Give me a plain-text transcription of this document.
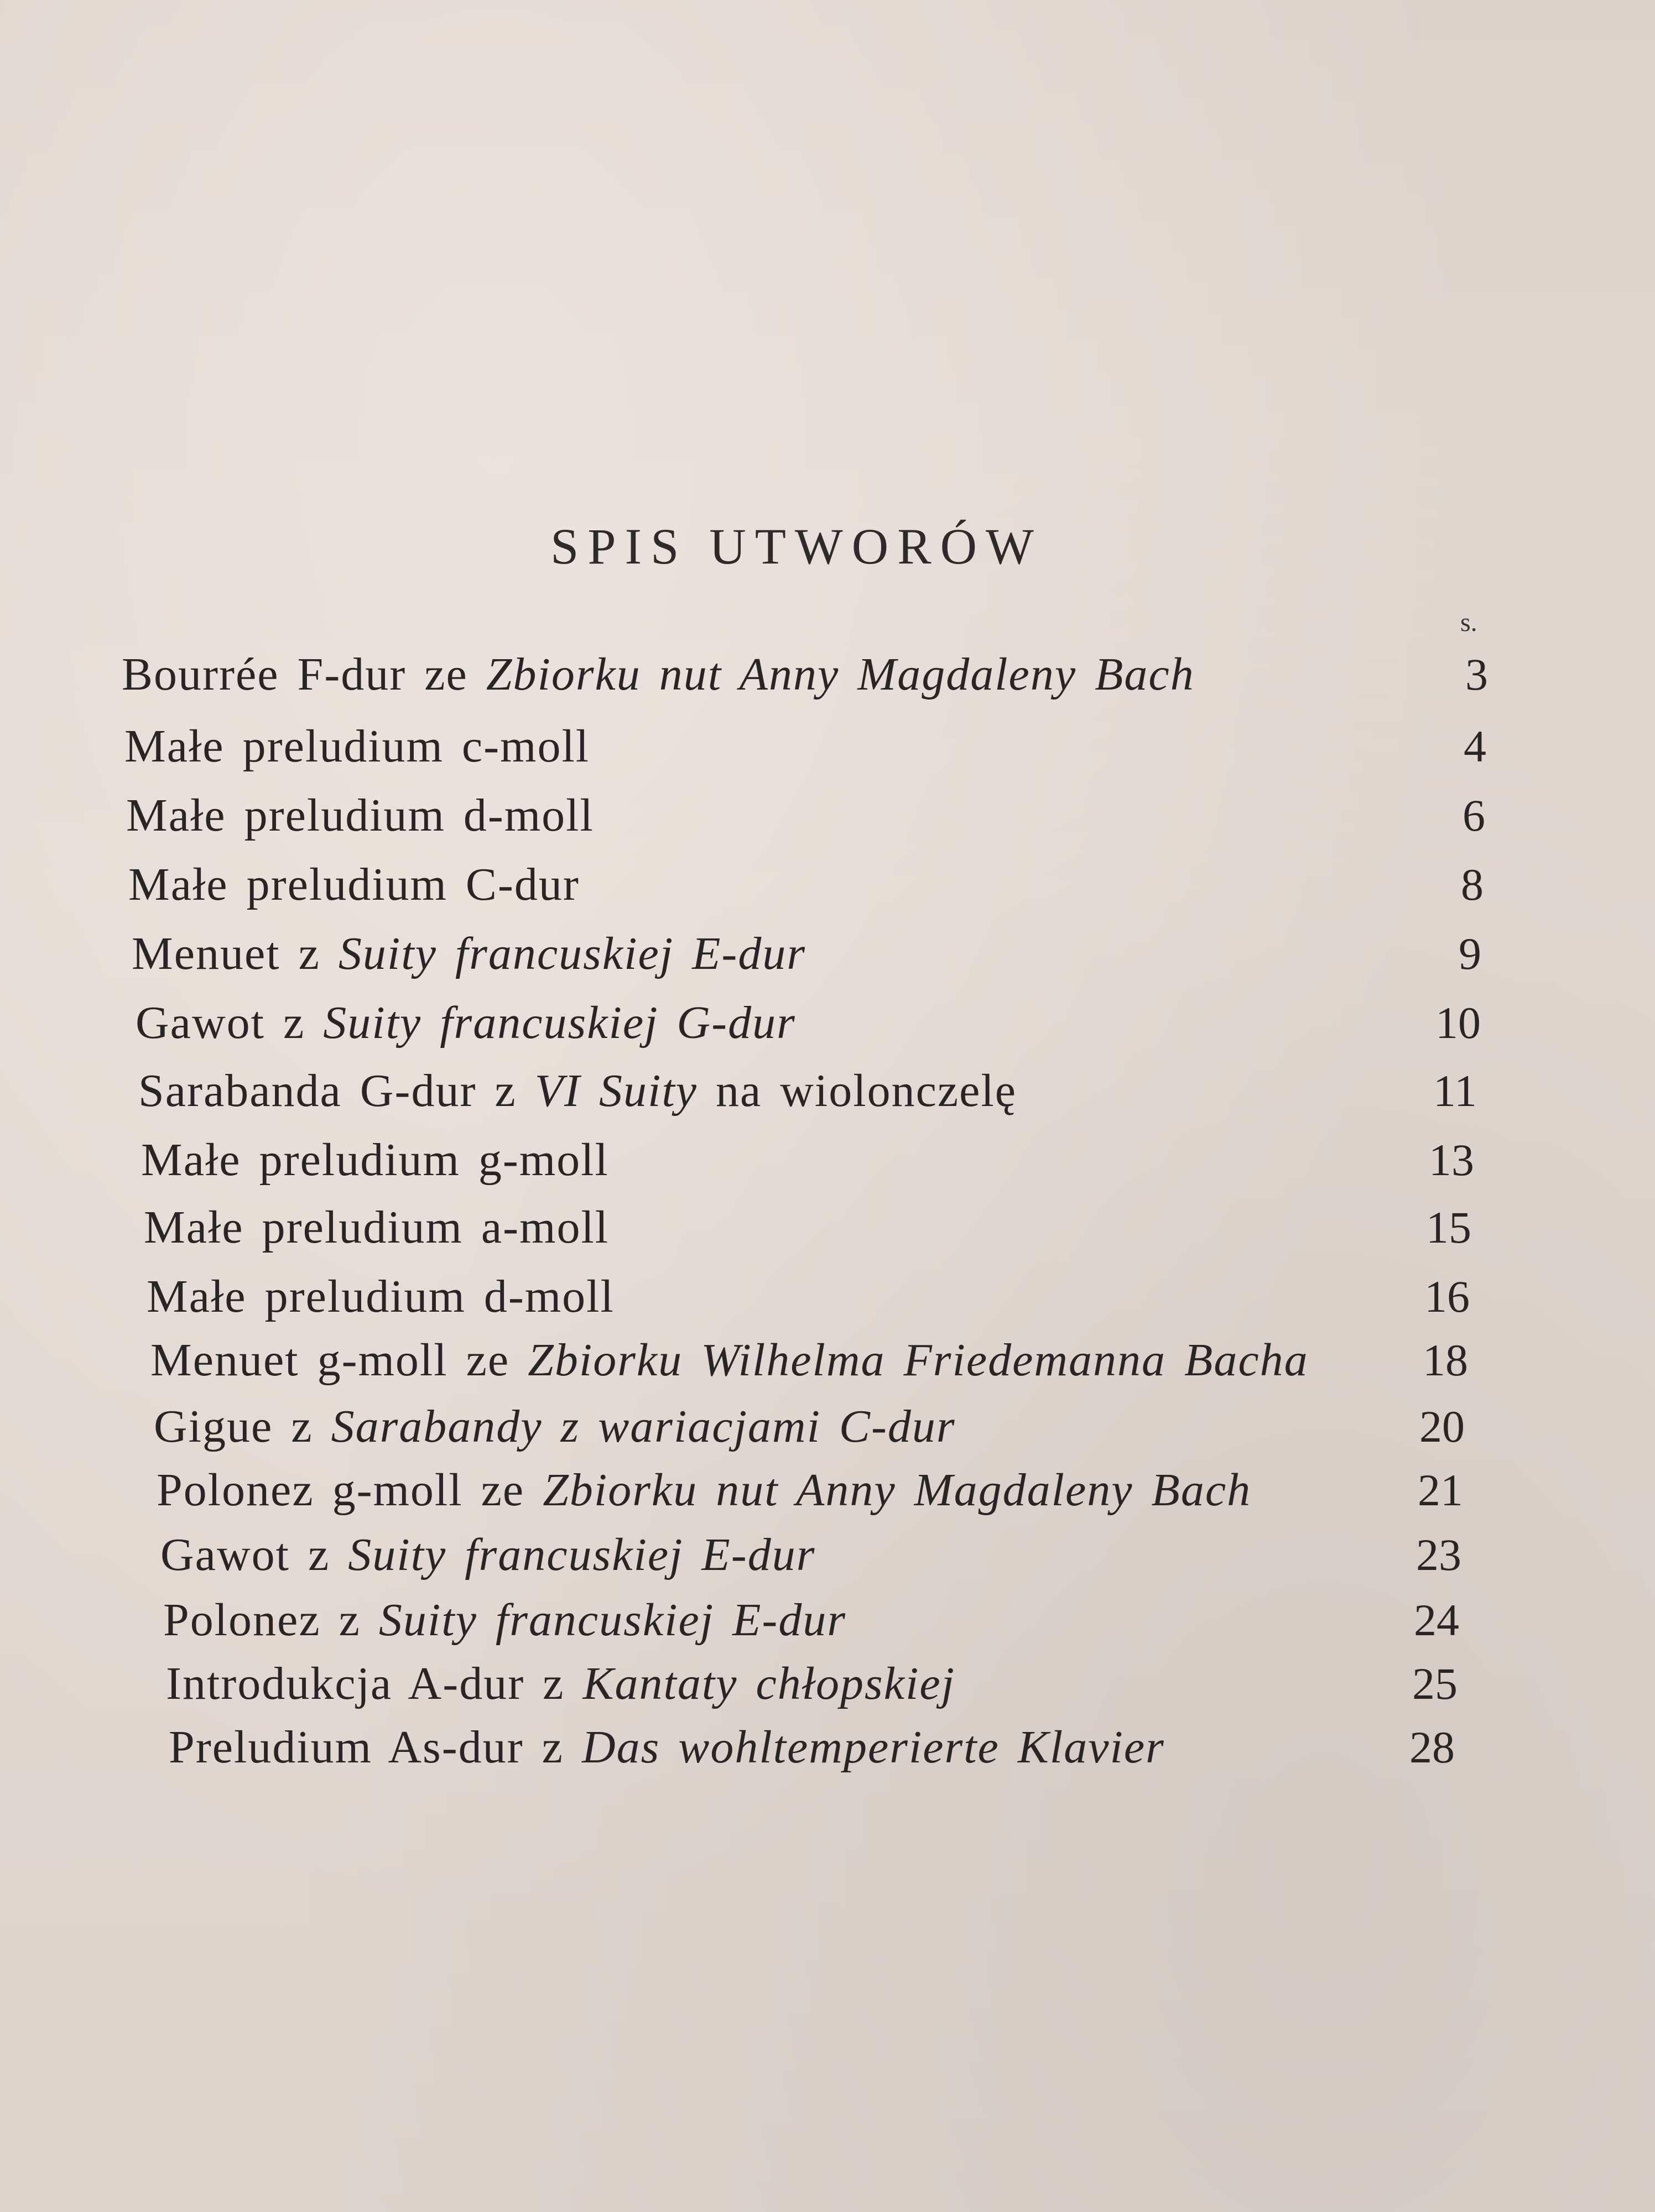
SPIS UTWORÓW
s.
Bourrée F-dur ze Zbiorku nut Anny Magdaleny Bach	3
Małe preludium c-moll	4
Małe preludium d-moll	6
Małe preludium C-dur	8
Menuet z Suity francuskiej E-dur	9
Gawot z Suity francuskiej G-dur	10
Sarabanda G-dur z VI Suity na wiolonczelę	11
Małe preludium g-moll	13
Małe preludium a-moll	15
Małe preludium d-moll	16
Menuet g-moll ze Zbiorku Wilhelma Friedemanna Bacha	18
Gigue z Sarabandy z wariacjami C-dur	20
Polonez g-moll ze Zbiorku nut Anny Magdaleny Bach	21
Gawot z Suity francuskiej E-dur	23
Polonez z Suity francuskiej E-dur	24
Introdukcja A-dur z Kantaty chłopskiej	25
Preludium As-dur z Das wohltemperierte Klavier	28
